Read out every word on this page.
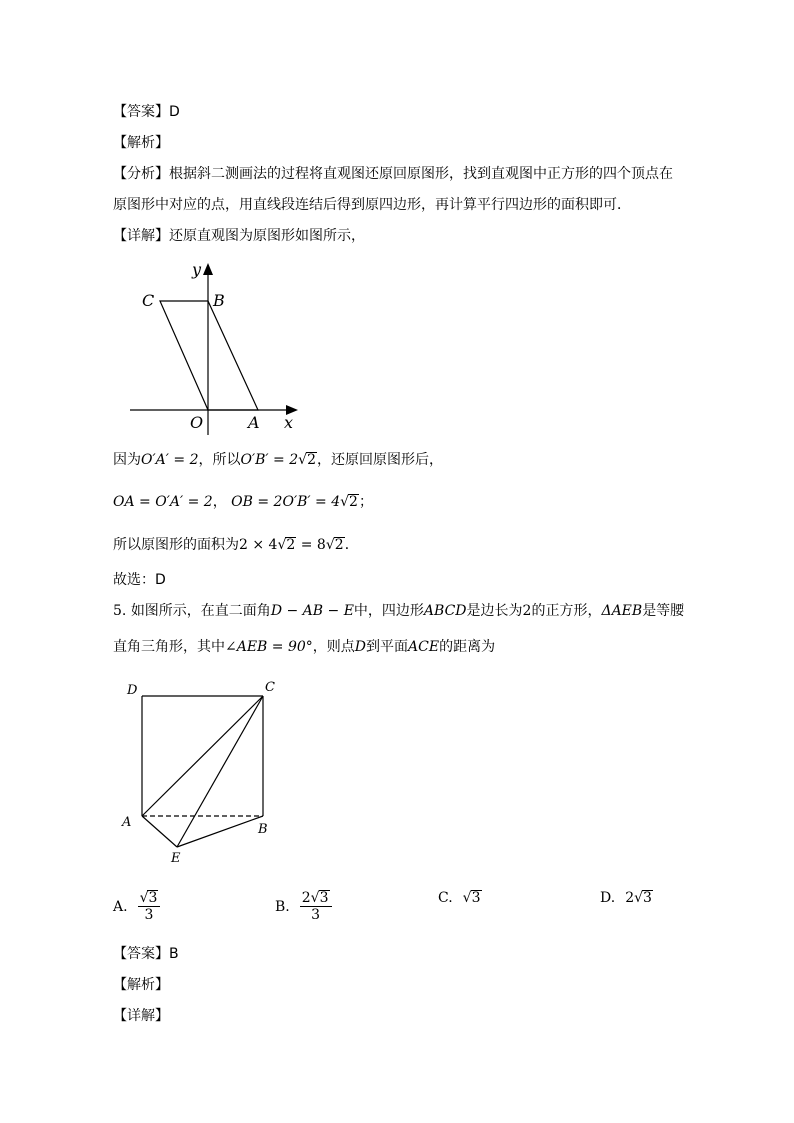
【答案】D
【解析】
【分析】根据斜二测画法的过程将直观图还原回原图形，找到直观图中正方形的四个顶点在
原图形中对应的点，用直线段连结后得到原四边形，再计算平行四边形的面积即可．
【详解】还原直观图为原图形如图所示，
y
x
O	A
B
C
因为O′A′ = 2，所以O′B′ = 2√2，还原回原图形后，
OA = O′A′ = 2， OB = 2O′B′ = 4√2；
所以原图形的面积为2 × 4√2 = 8√2．
故选：D
5. 如图所示，在直二面角D − AB − E中，四边形ABCD是边长为2的正方形，ΔAEB是等腰
直角三角形，其中∠AEB = 90°，则点D到平面ACE的距离为
D	C
A	B
E
A. $\frac{√3}{3}$	B. $\frac{2√3}{3}$	C. √3	D. 2√3
【答案】B
【解析】
【详解】
